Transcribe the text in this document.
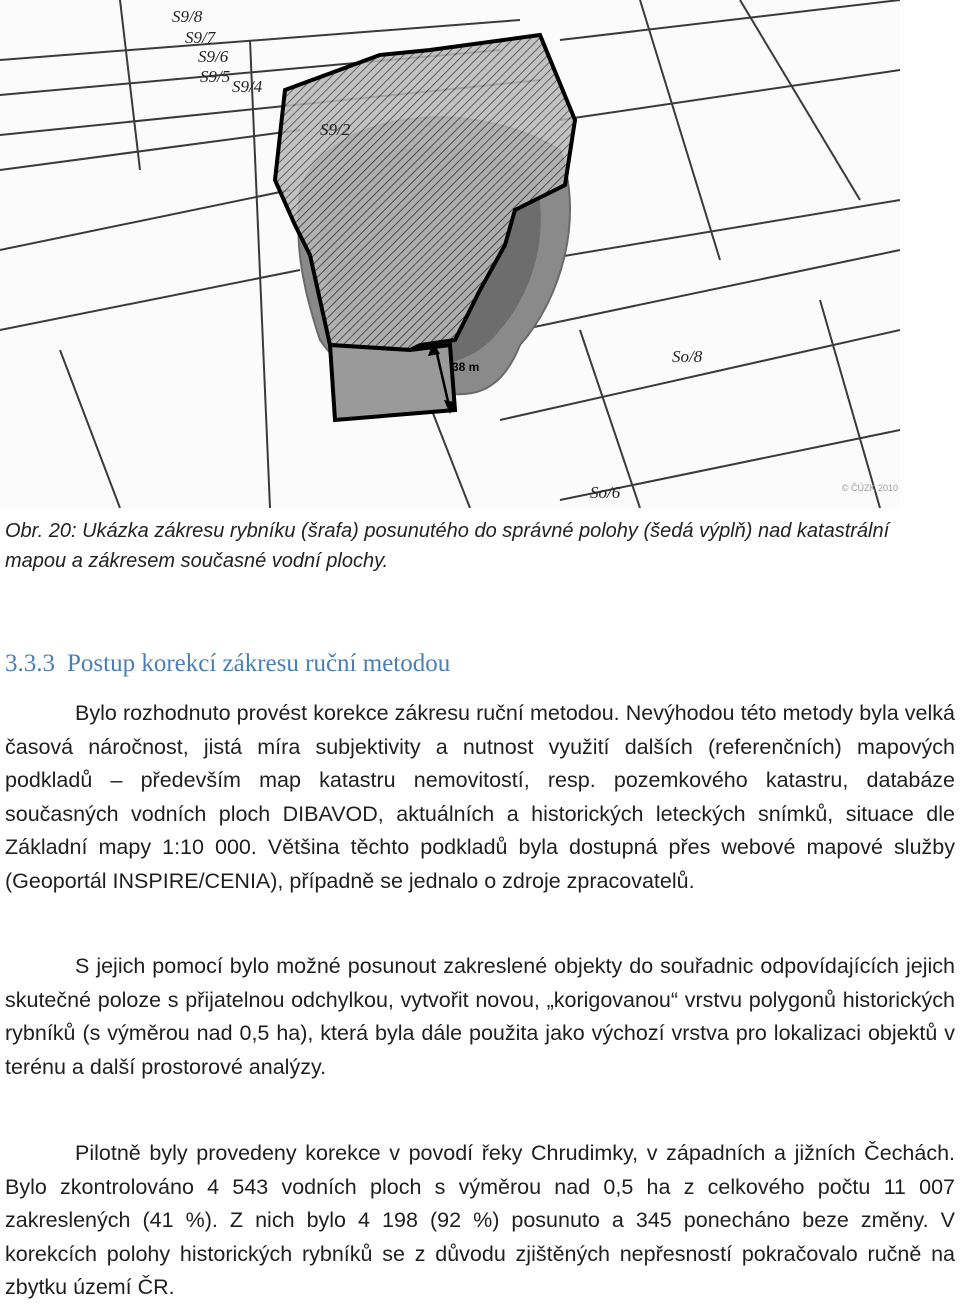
38 m
S9/8
S9/7
S9/6
S9/5
S9/4
S9/2
So/8
So/6	© ČÚZK 2010
Obr. 20: Ukázka zákresu rybníku (šrafa) posunutého do správné polohy (šedá výplň) nad katastrální mapou a zákresem současné vodní plochy.
3.3.3 Postup korekcí zákresu ruční metodou

Bylo rozhodnuto provést korekce zákresu ruční metodou. Nevýhodou této metody byla velká časová náročnost, jistá míra subjektivity a nutnost využití dalších (referenčních) mapových podkladů – především map katastru nemovitostí, resp. pozemkového katastru, databáze současných vodních ploch DIBAVOD, aktuálních a historických leteckých snímků, situace dle Základní mapy 1:10 000. Většina těchto podkladů byla dostupná přes webové mapové služby (Geoportál INSPIRE/CENIA), případně se jednalo o zdroje zpracovatelů.

S jejich pomocí bylo možné posunout zakreslené objekty do souřadnic odpovídajících jejich skutečné poloze s přijatelnou odchylkou, vytvořit novou, „korigovanou“ vrstvu polygonů historických rybníků (s výměrou nad 0,5 ha), která byla dále použita jako výchozí vrstva pro lokalizaci objektů v terénu a další prostorové analýzy.

Pilotně byly provedeny korekce v povodí řeky Chrudimky, v západních a jižních Čechách. Bylo zkontrolováno 4 543 vodních ploch s výměrou nad 0,5 ha z celkového počtu 11 007 zakreslených (41 %). Z nich bylo 4 198 (92 %) posunuto a 345 ponecháno beze změny. V korekcích polohy historických rybníků se z důvodu zjištěných nepřesností pokračovalo ručně na zbytku území ČR.
